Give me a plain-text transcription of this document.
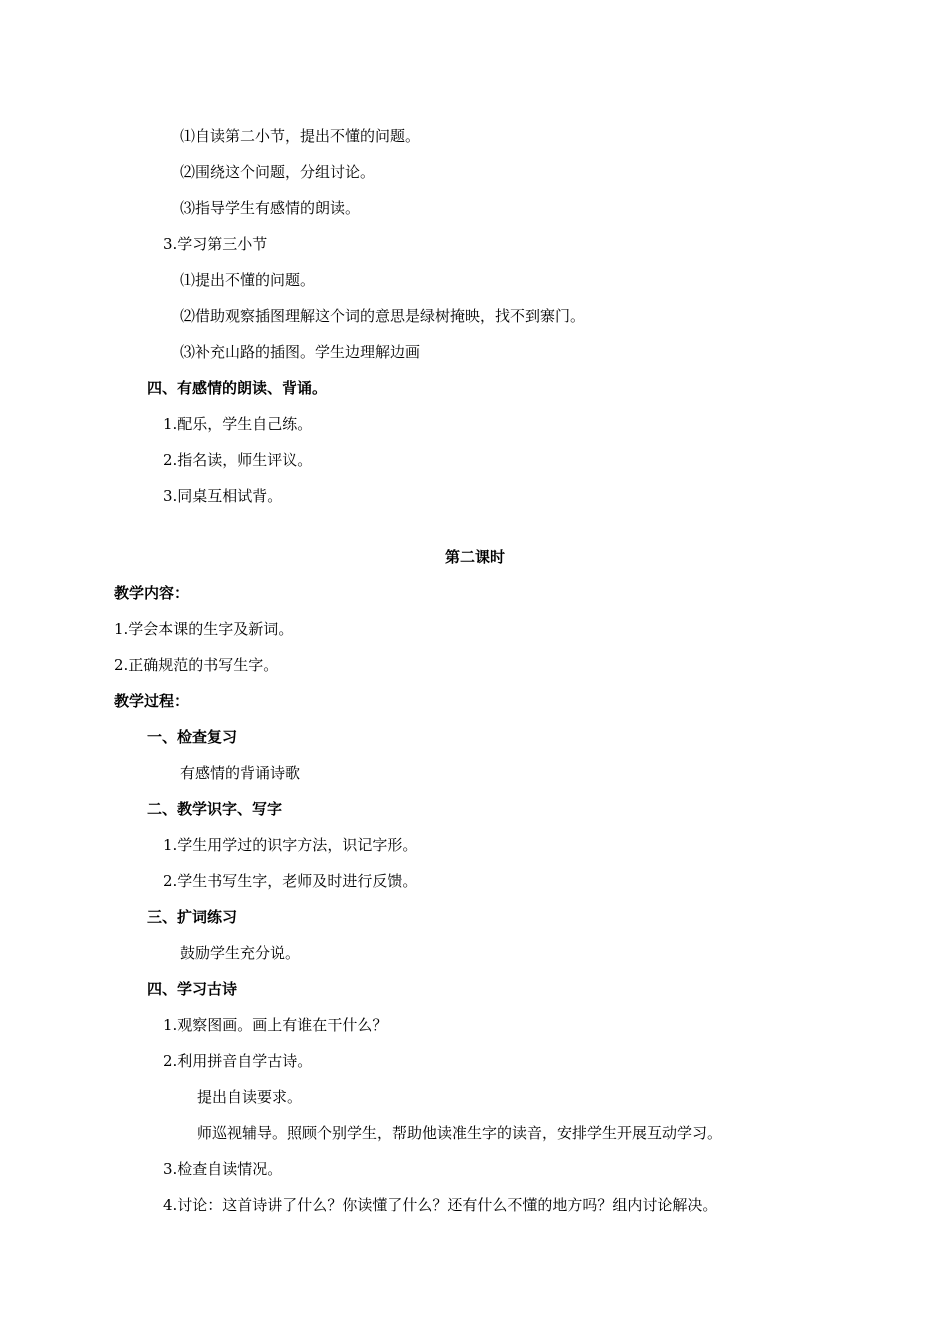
⑴自读第二小节，提出不懂的问题。
⑵围绕这个问题，分组讨论。
⑶指导学生有感情的朗读。
3.学习第三小节
⑴提出不懂的问题。
⑵借助观察插图理解这个词的意思是绿树掩映，找不到寨门。
⑶补充山路的插图。学生边理解边画
四、有感情的朗读、背诵。
1.配乐，学生自己练。
2.指名读，师生评议。
3.同桌互相试背。
第二课时
教学内容：
1.学会本课的生字及新词。
2.正确规范的书写生字。
教学过程：
一、检查复习
有感情的背诵诗歌
二、教学识字、写字
1.学生用学过的识字方法，识记字形。
2.学生书写生字，老师及时进行反馈。
三、扩词练习
鼓励学生充分说。
四、学习古诗
1.观察图画。画上有谁在干什么？
2.利用拼音自学古诗。
提出自读要求。
师巡视辅导。照顾个别学生，帮助他读准生字的读音，安排学生开展互动学习。
3.检查自读情况。
4.讨论：这首诗讲了什么？你读懂了什么？还有什么不懂的地方吗？组内讨论解决。
